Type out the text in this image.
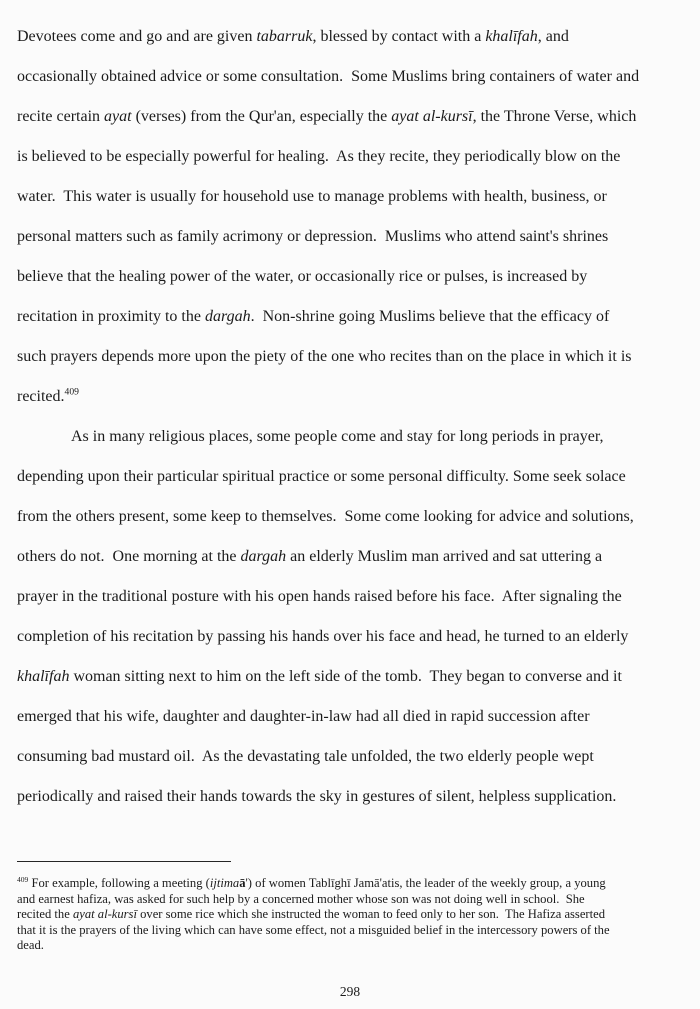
Devotees come and go and are given tabarruk, blessed by contact with a khalīfah, and
occasionally obtained advice or some consultation.  Some Muslims bring containers of water and
recite certain ayat (verses) from the Qur'an, especially the ayat al-kursī, the Throne Verse, which
is believed to be especially powerful for healing.  As they recite, they periodically blow on the
water.  This water is usually for household use to manage problems with health, business, or
personal matters such as family acrimony or depression.  Muslims who attend saint's shrines
believe that the healing power of the water, or occasionally rice or pulses, is increased by
recitation in proximity to the dargah.  Non-shrine going Muslims believe that the efficacy of
such prayers depends more upon the piety of the one who recites than on the place in which it is
recited.$^{409}$
As in many religious places, some people come and stay for long periods in prayer,
depending upon their particular spiritual practice or some personal difficulty. Some seek solace
from the others present, some keep to themselves.  Some come looking for advice and solutions,
others do not.  One morning at the dargah an elderly Muslim man arrived and sat uttering a
prayer in the traditional posture with his open hands raised before his face.  After signaling the
completion of his recitation by passing his hands over his face and head, he turned to an elderly
khalīfah woman sitting next to him on the left side of the tomb.  They began to converse and it
emerged that his wife, daughter and daughter-in-law had all died in rapid succession after
consuming bad mustard oil.  As the devastating tale unfolded, the two elderly people wept
periodically and raised their hands towards the sky in gestures of silent, helpless supplication.
$^{409}$ For example, following a meeting (ijtimaā') of women Tablīghī Jamā'atis, the leader of the weekly group, a young
and earnest hafiza, was asked for such help by a concerned mother whose son was not doing well in school.  She
recited the ayat al-kursī over some rice which she instructed the woman to feed only to her son.  The Hafiza asserted
that it is the prayers of the living which can have some effect, not a misguided belief in the intercessory powers of the
dead.
298
